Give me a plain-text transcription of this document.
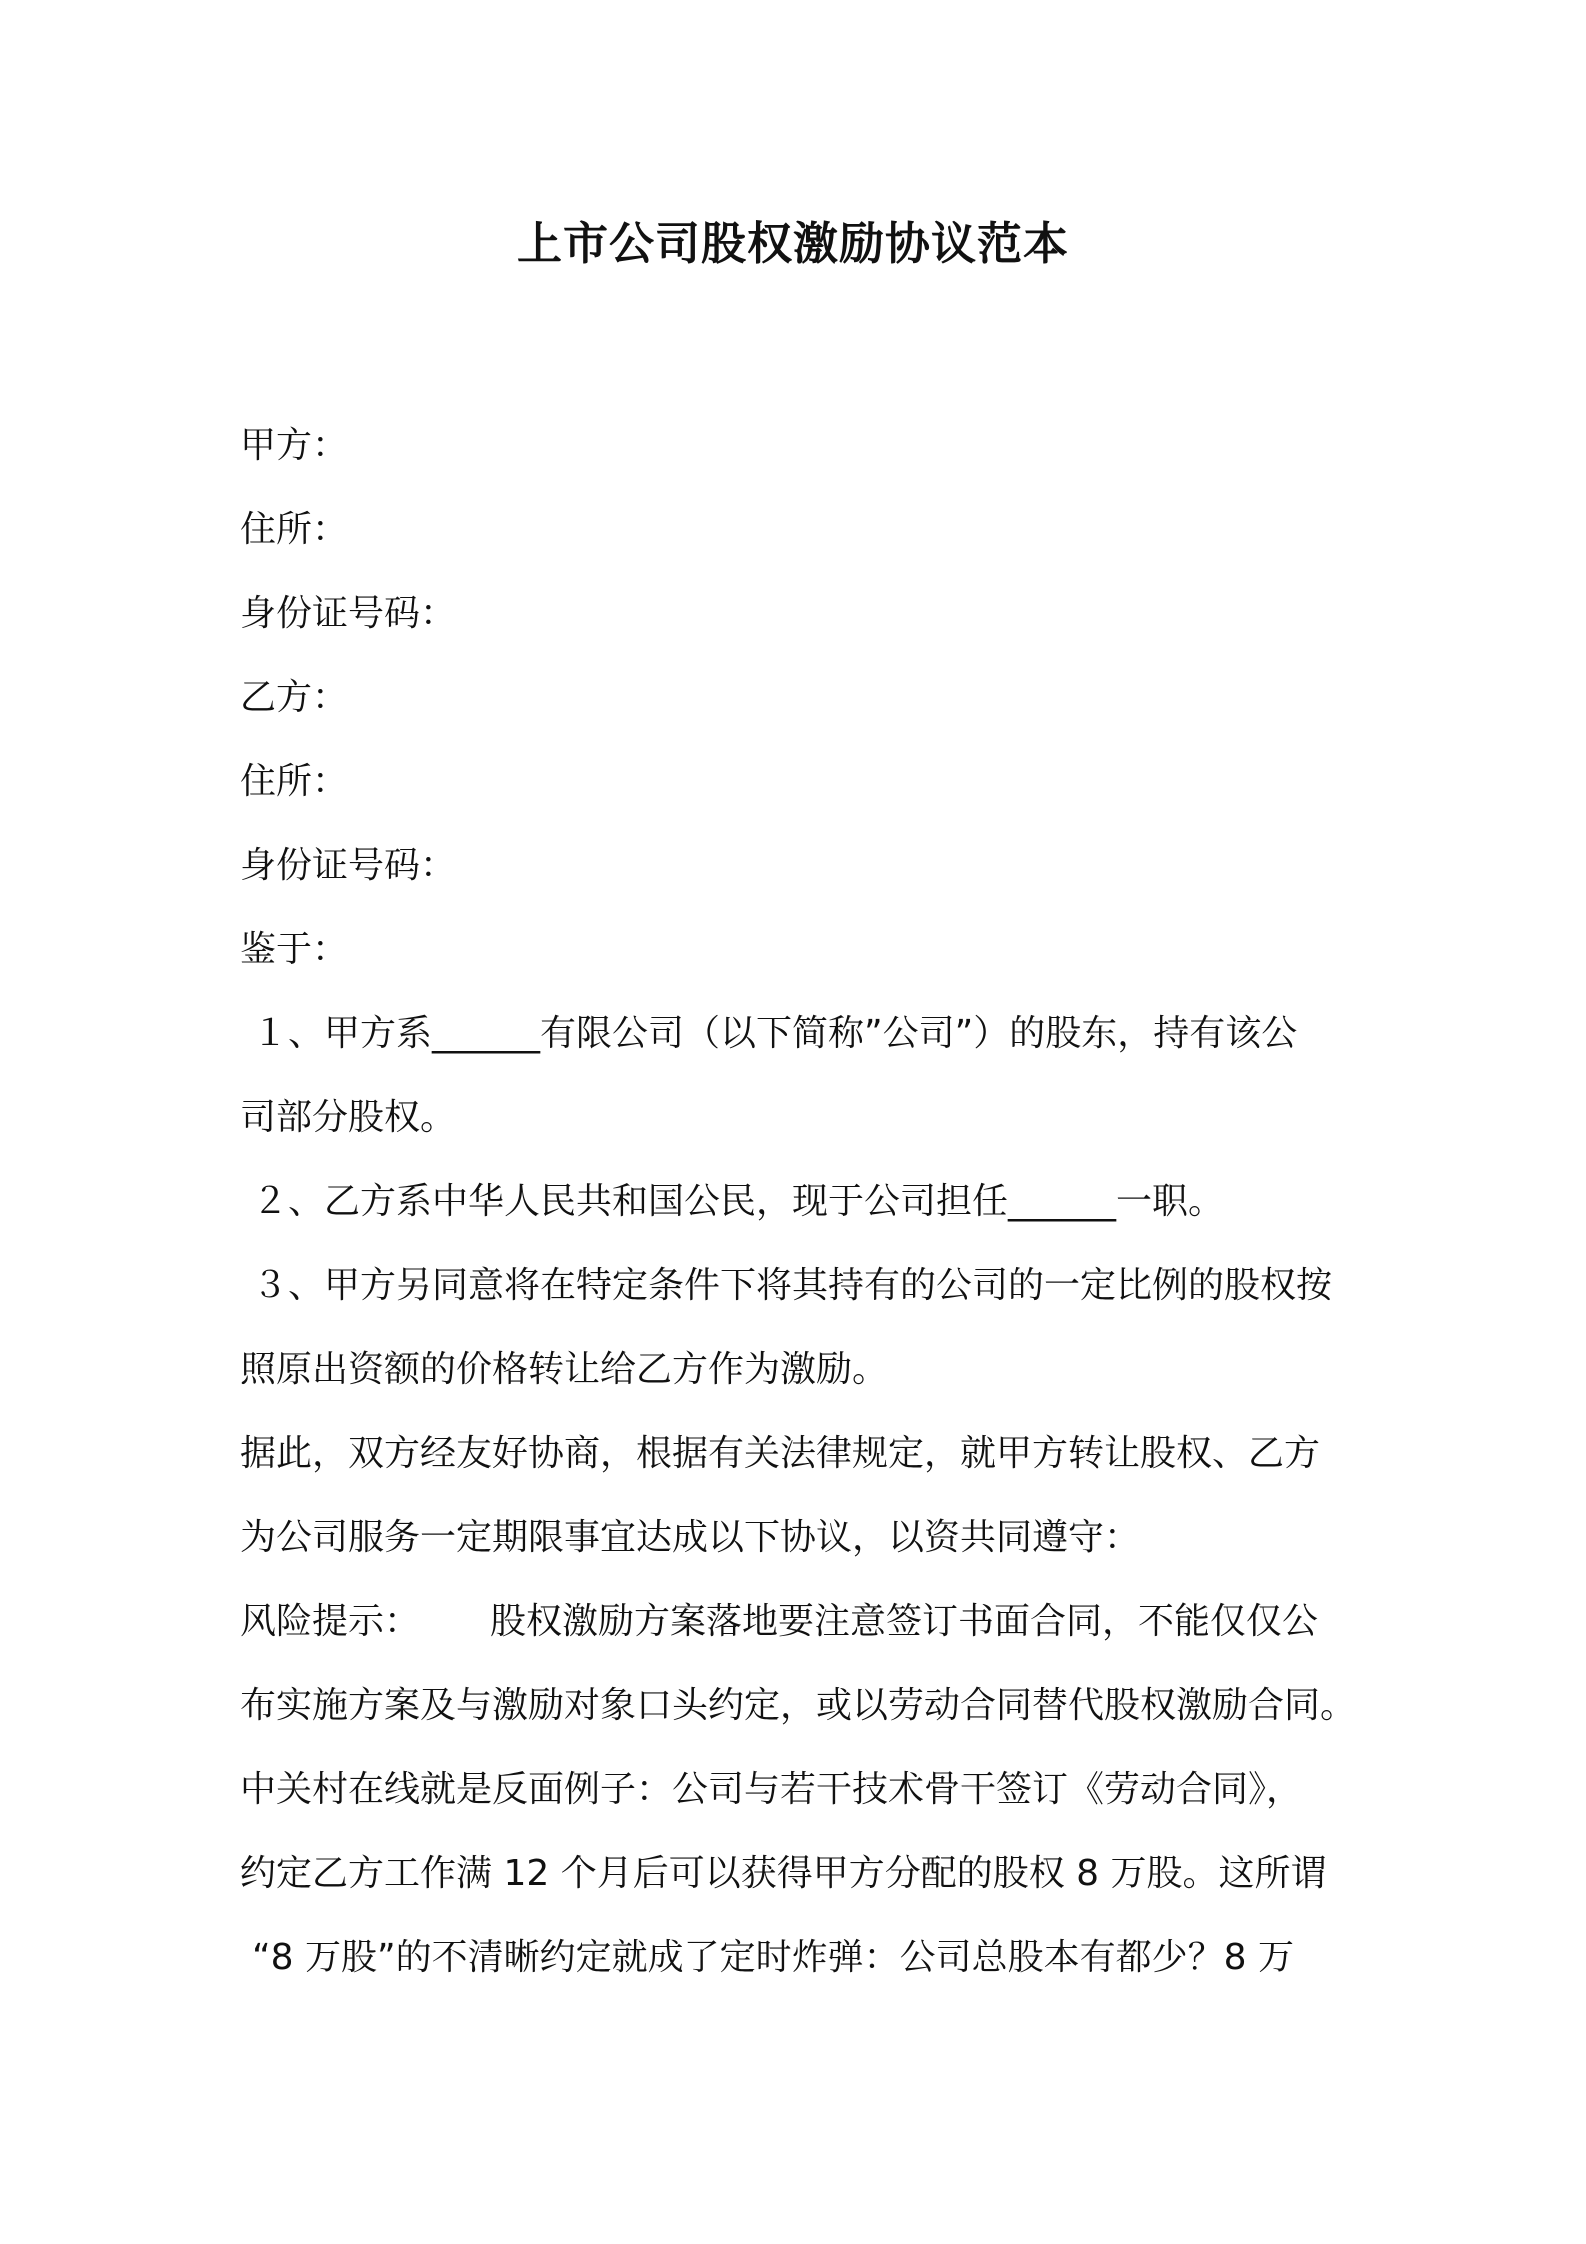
上市公司股权激励协议范本
甲方：
住所：
身份证号码：
乙方：
住所：
身份证号码：
鉴于：
１、甲方系______有限公司（以下简称”公司”）的股东，持有该公
司部分股权。
２、乙方系中华人民共和国公民，现于公司担任______一职。
３、甲方另同意将在特定条件下将其持有的公司的一定比例的股权按
照原出资额的价格转让给乙方作为激励。
据此，双方经友好协商，根据有关法律规定，就甲方转让股权、乙方
为公司服务一定期限事宜达成以下协议，以资共同遵守：
风险提示： 股权激励方案落地要注意签订书面合同，不能仅仅公
布实施方案及与激励对象口头约定，或以劳动合同替代股权激励合同。
中关村在线就是反面例子：公司与若干技术骨干签订《劳动合同》，
约定乙方工作满 12 个月后可以获得甲方分配的股权 8 万股。这所谓
“8 万股”的不清晰约定就成了定时炸弹：公司总股本有都少？8 万
